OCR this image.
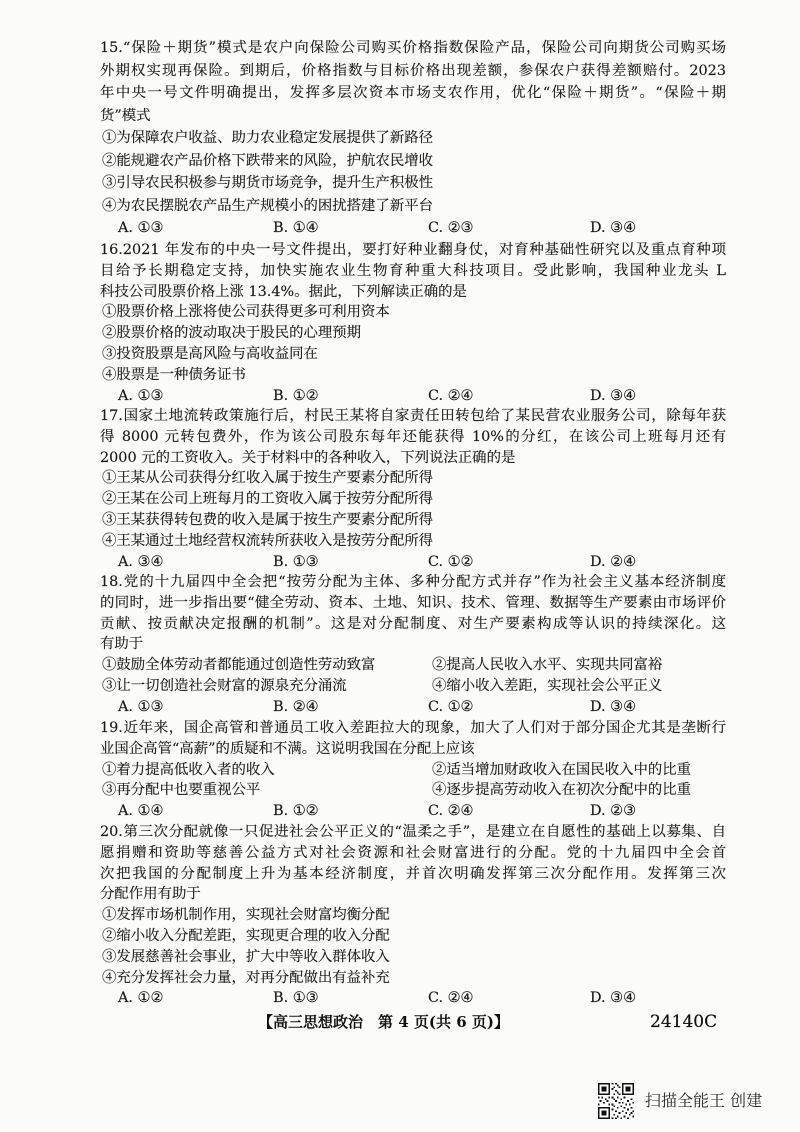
15.“保险＋期货”模式是农户向保险公司购买价格指数保险产品，保险公司向期货公司购买场
外期权实现再保险。到期后，价格指数与目标价格出现差额，参保农户获得差额赔付。2023
年中央一号文件明确提出，发挥多层次资本市场支农作用，优化“保险＋期货”。“保险＋期
货”模式
①为保障农户收益、助力农业稳定发展提供了新路径
②能规避农产品价格下跌带来的风险，护航农民增收
③引导农民积极参与期货市场竞争，提升生产积极性
④为农民摆脱农产品生产规模小的困扰搭建了新平台
A. ①③	B. ①④	C. ②③	D. ③④
16.2021 年发布的中央一号文件提出，要打好种业翻身仗，对育种基础性研究以及重点育种项
目给予长期稳定支持，加快实施农业生物育种重大科技项目。受此影响，我国种业龙头 L
科技公司股票价格上涨 13.4%。据此，下列解读正确的是
①股票价格上涨将使公司获得更多可利用资本
②股票价格的波动取决于股民的心理预期
③投资股票是高风险与高收益同在
④股票是一种债务证书
A. ①③	B. ①②	C. ②④	D. ③④
17.国家土地流转政策施行后，村民王某将自家责任田转包给了某民营农业服务公司，除每年获
得 8000 元转包费外，作为该公司股东每年还能获得 10%的分红，在该公司上班每月还有
2000 元的工资收入。关于材料中的各种收入，下列说法正确的是
①王某从公司获得分红收入属于按生产要素分配所得
②王某在公司上班每月的工资收入属于按劳分配所得
③王某获得转包费的收入是属于按生产要素分配所得
④王某通过土地经营权流转所获收入是按劳分配所得
A. ③④	B. ①③	C. ①②	D. ②④
18.党的十九届四中全会把“按劳分配为主体、多种分配方式并存”作为社会主义基本经济制度
的同时，进一步指出要“健全劳动、资本、土地、知识、技术、管理、数据等生产要素由市场评价
贡献、按贡献决定报酬的机制”。这是对分配制度、对生产要素构成等认识的持续深化。这
有助于
①鼓励全体劳动者都能通过创造性劳动致富	②提高人民收入水平、实现共同富裕
③让一切创造社会财富的源泉充分涌流	④缩小收入差距，实现社会公平正义
A. ①③	B. ②④	C. ①②	D. ③④
19.近年来，国企高管和普通员工收入差距拉大的现象，加大了人们对于部分国企尤其是垄断行
业国企高管“高薪”的质疑和不满。这说明我国在分配上应该
①着力提高低收入者的收入	②适当增加财政收入在国民收入中的比重
③再分配中也要重视公平	④逐步提高劳动收入在初次分配中的比重
A. ①④	B. ①②	C. ②④	D. ②③
20.第三次分配就像一只促进社会公平正义的“温柔之手”，是建立在自愿性的基础上以募集、自
愿捐赠和资助等慈善公益方式对社会资源和社会财富进行的分配。党的十九届四中全会首
次把我国的分配制度上升为基本经济制度，并首次明确发挥第三次分配作用。发挥第三次
分配作用有助于
①发挥市场机制作用，实现社会财富均衡分配
②缩小收入分配差距，实现更合理的收入分配
③发展慈善社会事业，扩大中等收入群体收入
④充分发挥社会力量，对再分配做出有益补充
A. ①②	B. ①③	C. ②④	D. ③④
【高三思想政治　第 4 页(共 6 页)】	24140C
扫描全能王 创建
